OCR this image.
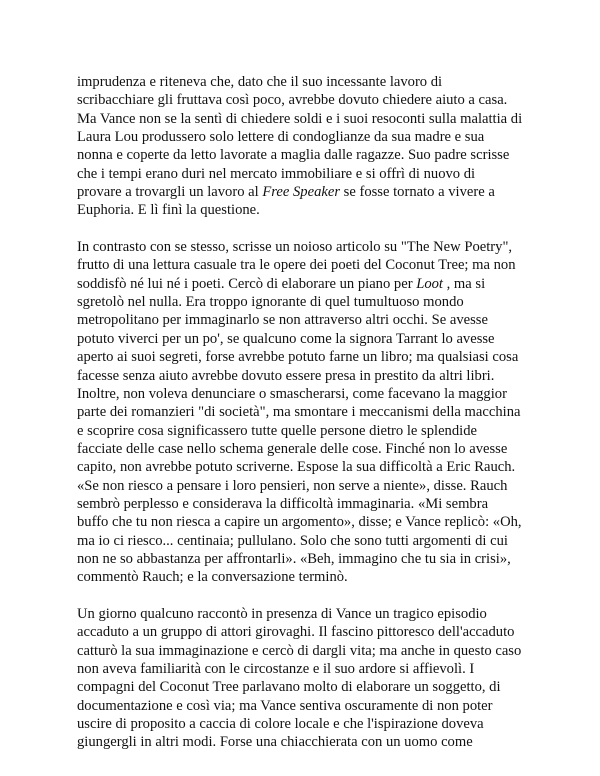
imprudenza e riteneva che, dato che il suo incessante lavoro di
scribacchiare gli fruttava così poco, avrebbe dovuto chiedere aiuto a casa.
Ma Vance non se la sentì di chiedere soldi e i suoi resoconti sulla malattia di
Laura Lou produssero solo lettere di condoglianze da sua madre e sua
nonna e coperte da letto lavorate a maglia dalle ragazze. Suo padre scrisse
che i tempi erano duri nel mercato immobiliare e si offrì di nuovo di
provare a trovargli un lavoro al Free Speaker se fosse tornato a vivere a
Euphoria. E lì finì la questione.

In contrasto con se stesso, scrisse un noioso articolo su "The New Poetry",
frutto di una lettura casuale tra le opere dei poeti del Coconut Tree; ma non
soddisfò né lui né i poeti. Cercò di elaborare un piano per Loot , ma si
sgretolò nel nulla. Era troppo ignorante di quel tumultuoso mondo
metropolitano per immaginarlo se non attraverso altri occhi. Se avesse
potuto viverci per un po', se qualcuno come la signora Tarrant lo avesse
aperto ai suoi segreti, forse avrebbe potuto farne un libro; ma qualsiasi cosa
facesse senza aiuto avrebbe dovuto essere presa in prestito da altri libri.
Inoltre, non voleva denunciare o smascherarsi, come facevano la maggior
parte dei romanzieri "di società", ma smontare i meccanismi della macchina
e scoprire cosa significassero tutte quelle persone dietro le splendide
facciate delle case nello schema generale delle cose. Finché non lo avesse
capito, non avrebbe potuto scriverne. Espose la sua difficoltà a Eric Rauch.
«Se non riesco a pensare i loro pensieri, non serve a niente», disse. Rauch
sembrò perplesso e considerava la difficoltà immaginaria. «Mi sembra
buffo che tu non riesca a capire un argomento», disse; e Vance replicò: «Oh,
ma io ci riesco... centinaia; pullulano. Solo che sono tutti argomenti di cui
non ne so abbastanza per affrontarli». «Beh, immagino che tu sia in crisi»,
commentò Rauch; e la conversazione terminò.

Un giorno qualcuno raccontò in presenza di Vance un tragico episodio
accaduto a un gruppo di attori girovaghi. Il fascino pittoresco dell'accaduto
catturò la sua immaginazione e cercò di dargli vita; ma anche in questo caso
non aveva familiarità con le circostanze e il suo ardore si affievolì. I
compagni del Coconut Tree parlavano molto di elaborare un soggetto, di
documentazione e così via; ma Vance sentiva oscuramente di non poter
uscire di proposito a caccia di colore locale e che l'ispirazione doveva
giungergli in altri modi. Forse una chiacchierata con un uomo come
